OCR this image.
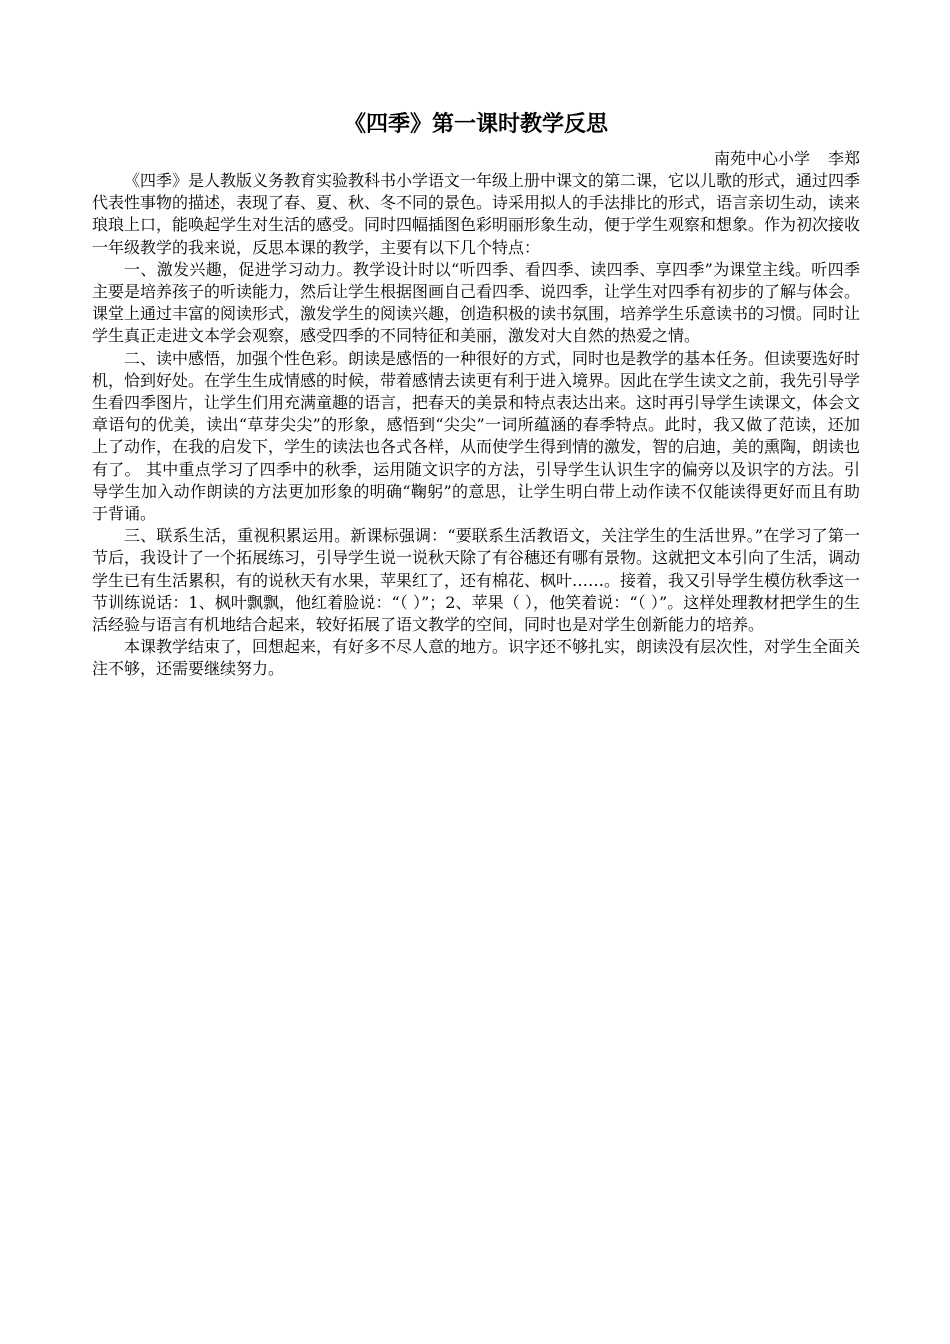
《四季》第一课时教学反思

南苑中心小学 李郑

《四季》是人教版义务教育实验教科书小学语文一年级上册中课文的第二课，它以儿歌的形式，通过四季代表性事物的描述，表现了春、夏、秋、冬不同的景色。诗采用拟人的手法排比的形式，语言亲切生动，读来琅琅上口，能唤起学生对生活的感受。同时四幅插图色彩明丽形象生动，便于学生观察和想象。作为初次接收一年级教学的我来说，反思本课的教学，主要有以下几个特点：

一、激发兴趣，促进学习动力。教学设计时以“听四季、看四季、读四季、享四季”为课堂主线。听四季主要是培养孩子的听读能力，然后让学生根据图画自己看四季、说四季，让学生对四季有初步的了解与体会。课堂上通过丰富的阅读形式，激发学生的阅读兴趣，创造积极的读书氛围，培养学生乐意读书的习惯。同时让学生真正走进文本学会观察，感受四季的不同特征和美丽，激发对大自然的热爱之情。

二、读中感悟，加强个性色彩。朗读是感悟的一种很好的方式，同时也是教学的基本任务。但读要选好时机，恰到好处。在学生生成情感的时候，带着感情去读更有利于进入境界。因此在学生读文之前，我先引导学生看四季图片，让学生们用充满童趣的语言，把春天的美景和特点表达出来。这时再引导学生读课文，体会文章语句的优美，读出“草芽尖尖”的形象，感悟到“尖尖”一词所蕴涵的春季特点。此时，我又做了范读，还加上了动作，在我的启发下，学生的读法也各式各样，从而使学生得到情的激发，智的启迪，美的熏陶，朗读也有了。 其中重点学习了四季中的秋季，运用随文识字的方法，引导学生认识生字的偏旁以及识字的方法。引导学生加入动作朗读的方法更加形象的明确“鞠躬”的意思，让学生明白带上动作读不仅能读得更好而且有助于背诵。

三、联系生活，重视积累运用。新课标强调：“要联系生活教语文，关注学生的生活世界。”在学习了第一节后，我设计了一个拓展练习，引导学生说一说秋天除了有谷穗还有哪有景物。这就把文本引向了生活，调动学生已有生活累积，有的说秋天有水果，苹果红了，还有棉花、枫叶……。接着，我又引导学生模仿秋季这一节训练说话：1、枫叶飘飘，他红着脸说：“（ ）”；2、苹果（ ），他笑着说：“（ ）”。这样处理教材把学生的生活经验与语言有机地结合起来，较好拓展了语文教学的空间，同时也是对学生创新能力的培养。

本课教学结束了，回想起来，有好多不尽人意的地方。识字还不够扎实，朗读没有层次性，对学生全面关注不够，还需要继续努力。
